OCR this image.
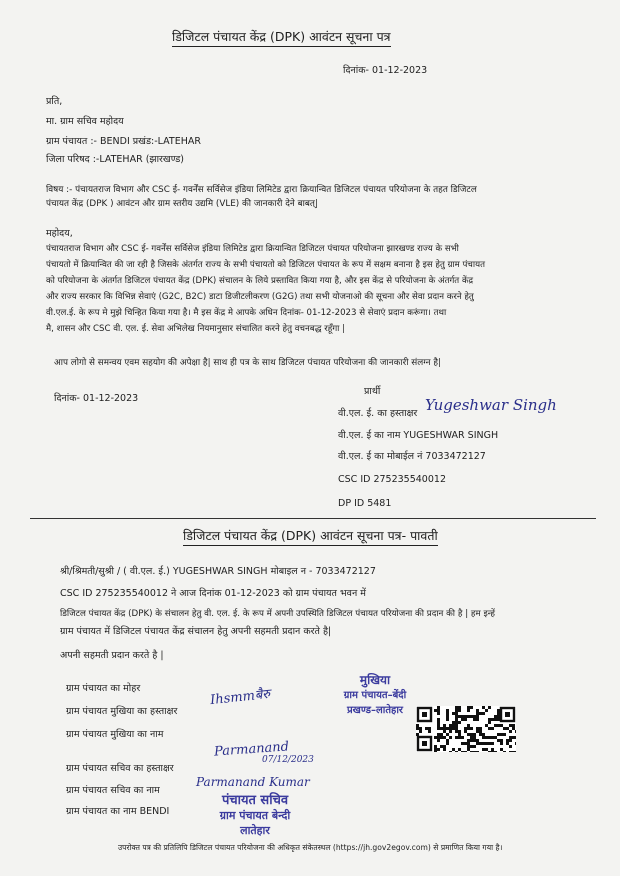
डिजिटल पंचायत केंद्र (DPK) आवंटन सूचना पत्र
दिनांक- 01-12-2023
प्रति,
मा. ग्राम सचिव महोदय
ग्राम पंचायत :- BENDI प्रखंड:-LATEHAR
जिला परिषद :-LATEHAR (झारखण्ड)
विषय :- पंचायतराज विभाग और CSC ई- गवर्नेंस सर्विसेज इंडिया लिमिटेड द्वारा क्रियान्वित डिजिटल पंचायत परियोजना के तहत डिजिटल
पंचायत केंद्र (DPK ) आवंटन और ग्राम स्तरीय उद्यमि (VLE) की जानकारी देने बाबत्|
महोदय,
पंचायतराज विभाग और CSC ई- गवर्नेंस सर्विसेज इंडिया लिमिटेड द्वारा क्रियान्वित डिजिटल पंचायत परियोजना झारखण्ड राज्य के सभी
पंचायतो में क्रियान्वित की जा रही है जिसके अंतर्गत राज्य के सभी पंचायतो को डिजिटल पंचायत के रूप में सक्षम बनाना है इस हेतु ग्राम पंचायत
को परियोजना के अंतर्गत डिजिटल पंचायत केंद्र (DPK) संचालन के लिये प्रस्तावित किया गया है, और इस केंद्र से परियोजना के अंतर्गत केंद्र
और राज्य सरकार कि विभिन्न सेवाएं (G2C, B2C) डाटा डिजीटलीकरण (G2G) तथा सभी योजनाओ की सूचना और सेवा प्रदान करने हेतु
वी.एल.ई. के रूप मे मुझे चिन्हित किया गया है। मै इस केंद्र मे आपके अधिन दिनांक- 01-12-2023 से सेवाएं प्रदान करूंगा। तथा
मै, शासन और CSC वी. एल. ई. सेवा अभिलेख नियमानुसार संचालित करने हेतु वचनबद्ध रहूँगा |
आप लोगो से समन्वय एवम सहयोग की अपेक्षा है| साथ ही पत्र के साथ डिजिटल पंचायत परियोजना की जानकारी संलग्न है|
प्रार्थी
दिनांक- 01-12-2023
वी.एल. ई. का हस्ताक्षर Yugeshwar Singh
वी.एल. ई का नाम YUGESHWAR SINGH
वी.एल. ई का मोबाईल नं 7033472127
CSC ID 275235540012
DP ID 5481
डिजिटल पंचायत केंद्र (DPK) आवंटन सूचना पत्र- पावती
श्री/श्रिमती/सुश्री / ( वी.एल. ई.) YUGESHWAR SINGH मोबाइल न - 7033472127
CSC ID 275235540012 ने आज दिनांक 01-12-2023 को ग्राम पंचायत भवन में
डिजिटल पंचायत केंद्र (DPK) के संचालन हेतु वी. एल. ई. के रूप में अपनी उपस्थिति डिजिटल पंचायत परियोजना की प्रदान की है | हम इन्हें
ग्राम पंचायत में डिजिटल पंचायत केंद्र संचालन हेतु अपनी सहमती प्रदान करते है|
अपनी सहमती प्रदान करते है |
ग्राम पंचायत का मोहर
ग्राम पंचायत मुखिया का हस्ताक्षर
ग्राम पंचायत मुखिया का नाम
ग्राम पंचायत सचिव का हस्ताक्षर
ग्राम पंचायत सचिव का नाम
ग्राम पंचायत का नाम BENDI
Ihsmmबैरु
मुखिया
ग्राम पंचायत–बेंदी
प्रखण्ड–लातेहार
Parmanand
07/12/2023
Parmanand Kumar
पंचायत सचिव
ग्राम पंचायत बेन्दी
लातेहार
उपरोक्त पत्र की प्रतिलिपि डिजिटल पंचायत परियोजना की अधिकृत संकेतस्थल (https://jh.gov2egov.com) से प्रमाणित किया गया है।
